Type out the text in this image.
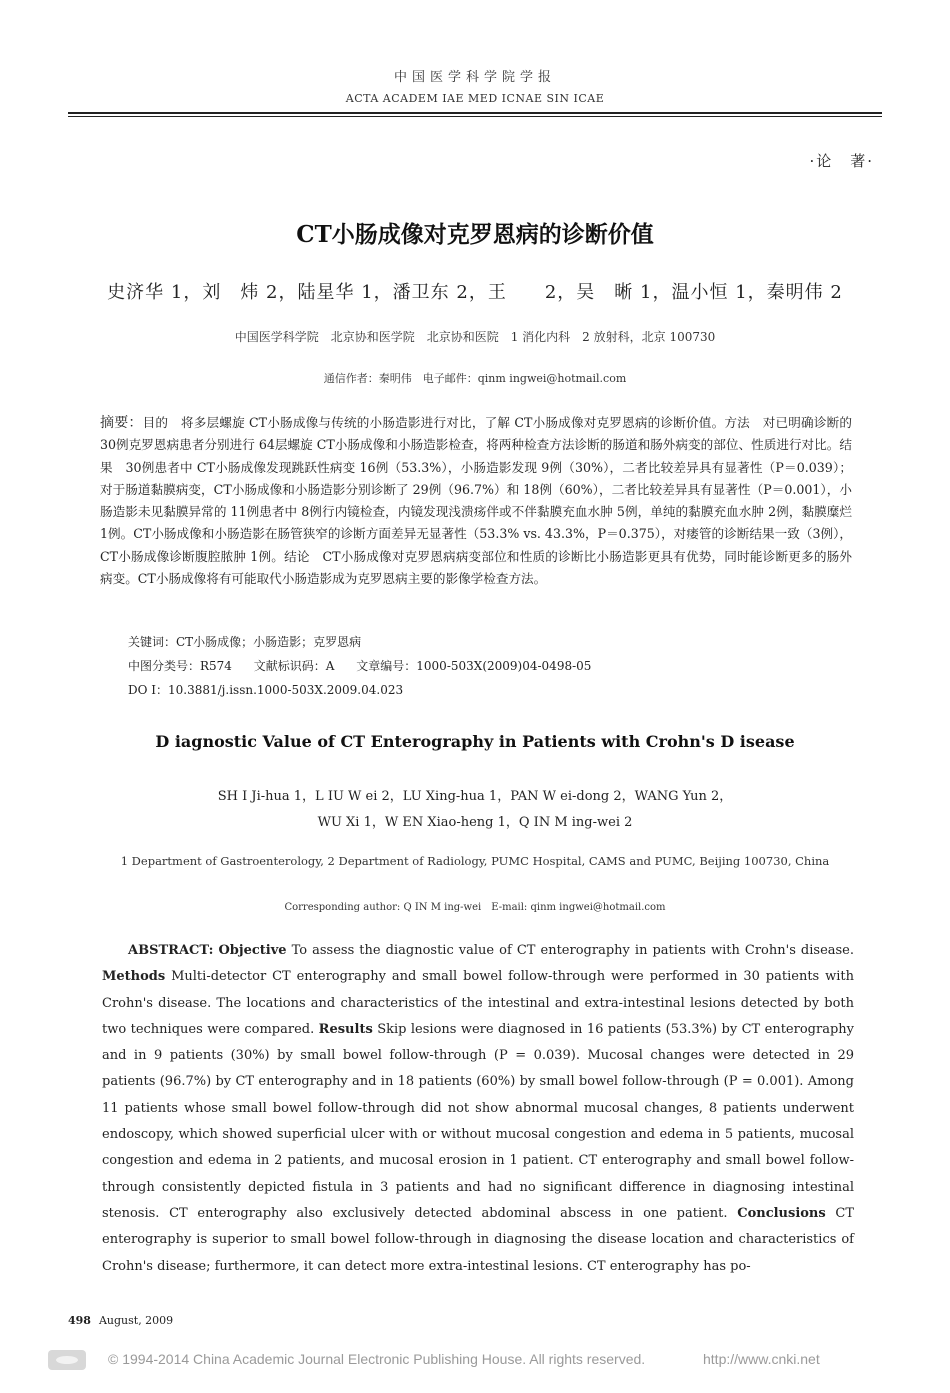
中国医学科学院学报
ACTA ACADEM IAE MED ICNAE SIN ICAE
·论　著·
CT小肠成像对克罗恩病的诊断价值
史济华 1，刘　炜 2，陆星华 1，潘卫东 2，王　　2，吴　晰 1，温小恒 1，秦明伟 2
中国医学科学院　北京协和医学院　北京协和医院　1 消化内科　2 放射科，北京 100730
通信作者：秦明伟　电子邮件：qinm ingwei@hotmail.com
摘要：目的　将多层螺旋 CT小肠成像与传统的小肠造影进行对比，了解 CT小肠成像对克罗恩病的诊断价值。方法　对已明确诊断的 30例克罗恩病患者分别进行 64层螺旋 CT小肠成像和小肠造影检查，将两种检查方法诊断的肠道和肠外病变的部位、性质进行对比。结果　30例患者中 CT小肠成像发现跳跃性病变 16例（53.3%），小肠造影发现 9例（30%），二者比较差异具有显著性（P＝0.039）；对于肠道黏膜病变，CT小肠成像和小肠造影分别诊断了 29例（96.7%）和 18例（60%），二者比较差异具有显著性（P＝0.001），小肠造影未见黏膜异常的 11例患者中 8例行内镜检查，内镜发现浅溃疡伴或不伴黏膜充血水肿 5例，单纯的黏膜充血水肿 2例，黏膜糜烂 1例。CT小肠成像和小肠造影在肠管狭窄的诊断方面差异无显著性（53.3% vs. 43.3%，P＝0.375），对瘘管的诊断结果一致（3例），CT小肠成像诊断腹腔脓肿 1例。结论　CT小肠成像对克罗恩病病变部位和性质的诊断比小肠造影更具有优势，同时能诊断更多的肠外病变。CT小肠成像将有可能取代小肠造影成为克罗恩病主要的影像学检查方法。
关键词：CT小肠成像；小肠造影；克罗恩病
中图分类号：R574 文献标识码：A 文章编号：1000-503X(2009)04-0498-05
DO I：10.3881/j.issn.1000-503X.2009.04.023
D iagnostic Value of CT Enterography in Patients with Crohn's D isease
SH I Ji-hua 1，L IU W ei 2，LU Xing-hua 1，PAN W ei-dong 2，WANG Yun 2，
WU Xi 1，W EN Xiao-heng 1，Q IN M ing-wei 2
1 Department of Gastroenterology, 2 Department of Radiology, PUMC Hospital, CAMS and PUMC, Beijing 100730, China
Corresponding author: Q IN M ing-wei　E-mail: qinm ingwei@hotmail.com
  ABSTRACT: Objective To assess the diagnostic value of CT enterography in patients with Crohn's disease. Methods Multi-detector CT enterography and small bowel follow-through were performed in 30 patients with Crohn's disease. The locations and characteristics of the intestinal and extra-intestinal lesions detected by both two techniques were compared. Results Skip lesions were diagnosed in 16 patients (53.3%) by CT enterography and in 9 patients (30%) by small bowel follow-through (P = 0.039). Mucosal changes were detected in 29 patients (96.7%) by CT enterography and in 18 patients (60%) by small bowel follow-through (P = 0.001). Among 11 patients whose small bowel follow-through did not show abnormal mucosal changes, 8 patients underwent endoscopy, which showed superficial ulcer with or without mucosal congestion and edema in 5 patients, mucosal congestion and edema in 2 patients, and mucosal erosion in 1 patient. CT enterography and small bowel follow-through consistently depicted fistula in 3 patients and had no significant difference in diagnosing intestinal stenosis. CT enterography also exclusively detected abdominal abscess in one patient. Conclusions CT enterography is superior to small bowel follow-through in diagnosing the disease location and characteristics of Crohn's disease; furthermore, it can detect more extra-intestinal lesions. CT enterography has po-
498 August, 2009
© 1994-2014 China Academic Journal Electronic Publishing House. All rights reserved.	http://www.cnki.net
